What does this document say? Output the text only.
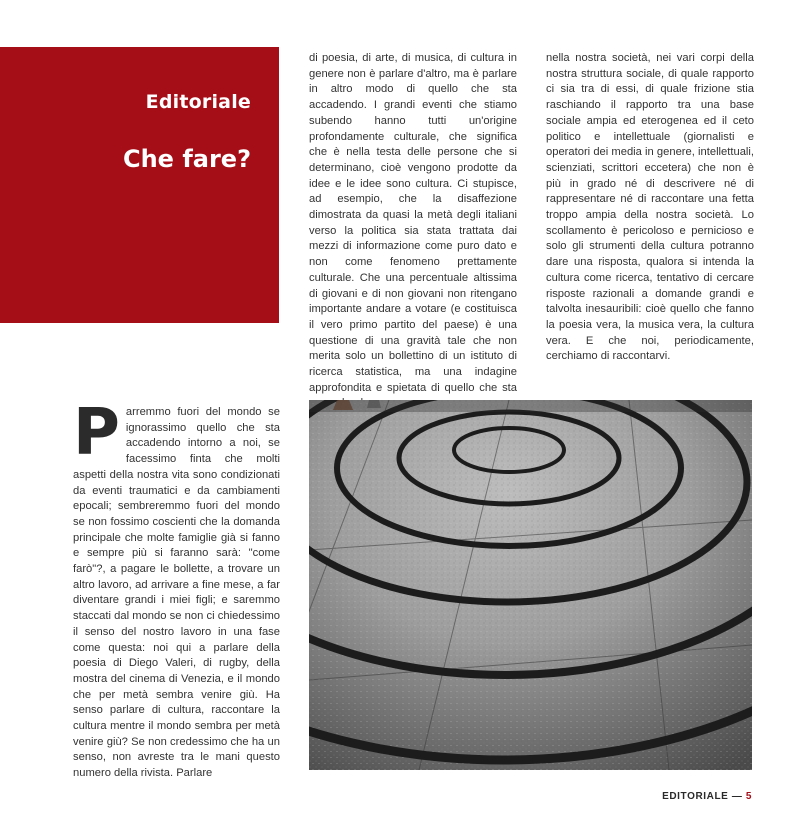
Editoriale
Che fare?

di poesia, di arte, di musica, di cultura in genere non è parlare d'altro, ma è parlare in altro modo di quello che sta accadendo. I grandi eventi che stiamo subendo hanno tutti un'origine profondamente culturale, che significa che è nella testa delle persone che si determinano, cioè vengono prodotte da idee e le idee sono cultura. Ci stupisce, ad esempio, che la disaffezione dimostrata da quasi la metà degli italiani verso la politica sia stata trattata dai mezzi di informazione come puro dato e non come fenomeno prettamente culturale. Che una percentuale altissima di giovani e di non giovani non ritengano importante andare a votare (e costituisca il vero primo partito del paese) è una questione di una gravità tale che non merita solo un bollettino di un istituto di ricerca statistica, ma una indagine approfondita e spietata di quello che sta

nella nostra società, nei vari corpi della nostra struttura sociale, di quale rapporto ci sia tra di essi, di quale frizione stia raschiando il rapporto tra una base sociale ampia ed eterogenea ed il ceto politico e intellettuale (giornalisti e operatori dei media in genere, intellettuali, scienziati, scrittori eccetera) che non è più in grado né di descrivere né di rappresentare né di raccontare una fetta troppo ampia della nostra società. Lo scollamento è pericoloso e pernicioso e solo gli strumenti della cultura potranno dare una risposta, qualora si intenda la cultura come ricerca, tentativo di cercare risposte razionali a domande grandi e talvolta inesauribili: cioè quello che fanno la poesia vera, la musica vera, la cultura vera. E che noi, periodicamente, cerchiamo di raccontarvi.

P arremmo fuori del mondo se ignorassimo quello che sta accadendo intorno a noi, se facessimo finta che molti aspetti della nostra vita sono condizionati da eventi traumatici e da cambiamenti epocali; sembreremmo fuori del mondo se non fossimo coscienti che la domanda principale che molte famiglie già si fanno e sempre più si faranno sarà: "come farò"?, a pagare le bollette, a trovare un altro lavoro, ad arrivare a fine mese, a far diventare grandi i miei figli; e saremmo staccati dal mondo se non ci chiedessimo il senso del nostro lavoro in una fase come questa: noi qui a parlare della poesia di Diego Valeri, di rugby, della mostra del cinema di Venezia, e il mondo che per metà sembra venire giù. Ha senso parlare di cultura, raccontare la cultura mentre il mondo sembra per metà venire giù? Se non credessimo che ha un senso, non avreste tra le mani questo numero della rivista. Parlare

EDITORIALE — 5
